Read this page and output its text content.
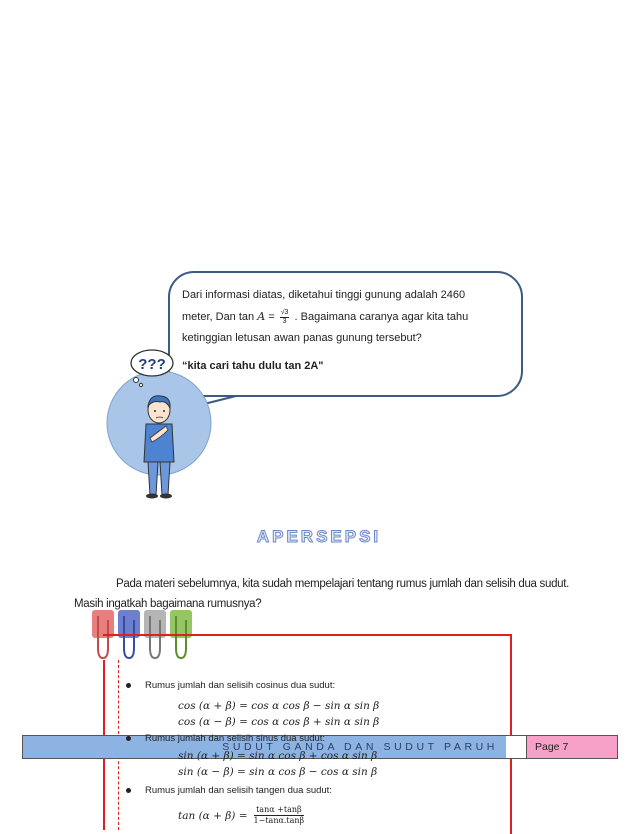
Dari informasi diatas, diketahui tinggi gunung adalah 2460
meter, Dan $\tan A = \frac{√3}{3}$ . Bagaimana caranya agar kita tahu
ketinggian letusan awan panas gunung tersebut?

“kita cari tahu dulu tan 2A"

???
APERSEPSI

Pada materi sebelumnya, kita sudah mempelajari tentang rumus jumlah dan selisih dua sudut. Masih ingatkah bagaimana rumusnya?

Rumus jumlah dan selisih cosinus dua sudut:
cos (α + β) = cos α cos β − sin α sin β
cos (α − β) = cos α cos β + sin α sin β
SUDUT GANDA DAN SUDUT PARUH	Page 7
Rumus jumlah dan selisih sinus dua sudut:
sin (α + β) = sin α cos β + cos α sin β
sin (α − β) = sin α cos β − cos α sin β
Rumus jumlah dan selisih tangen dua sudut:
$\tan (\alpha + \beta) = \frac{\tan\alpha +\tan\beta}{1-\tan\alpha.\tan\beta}$
